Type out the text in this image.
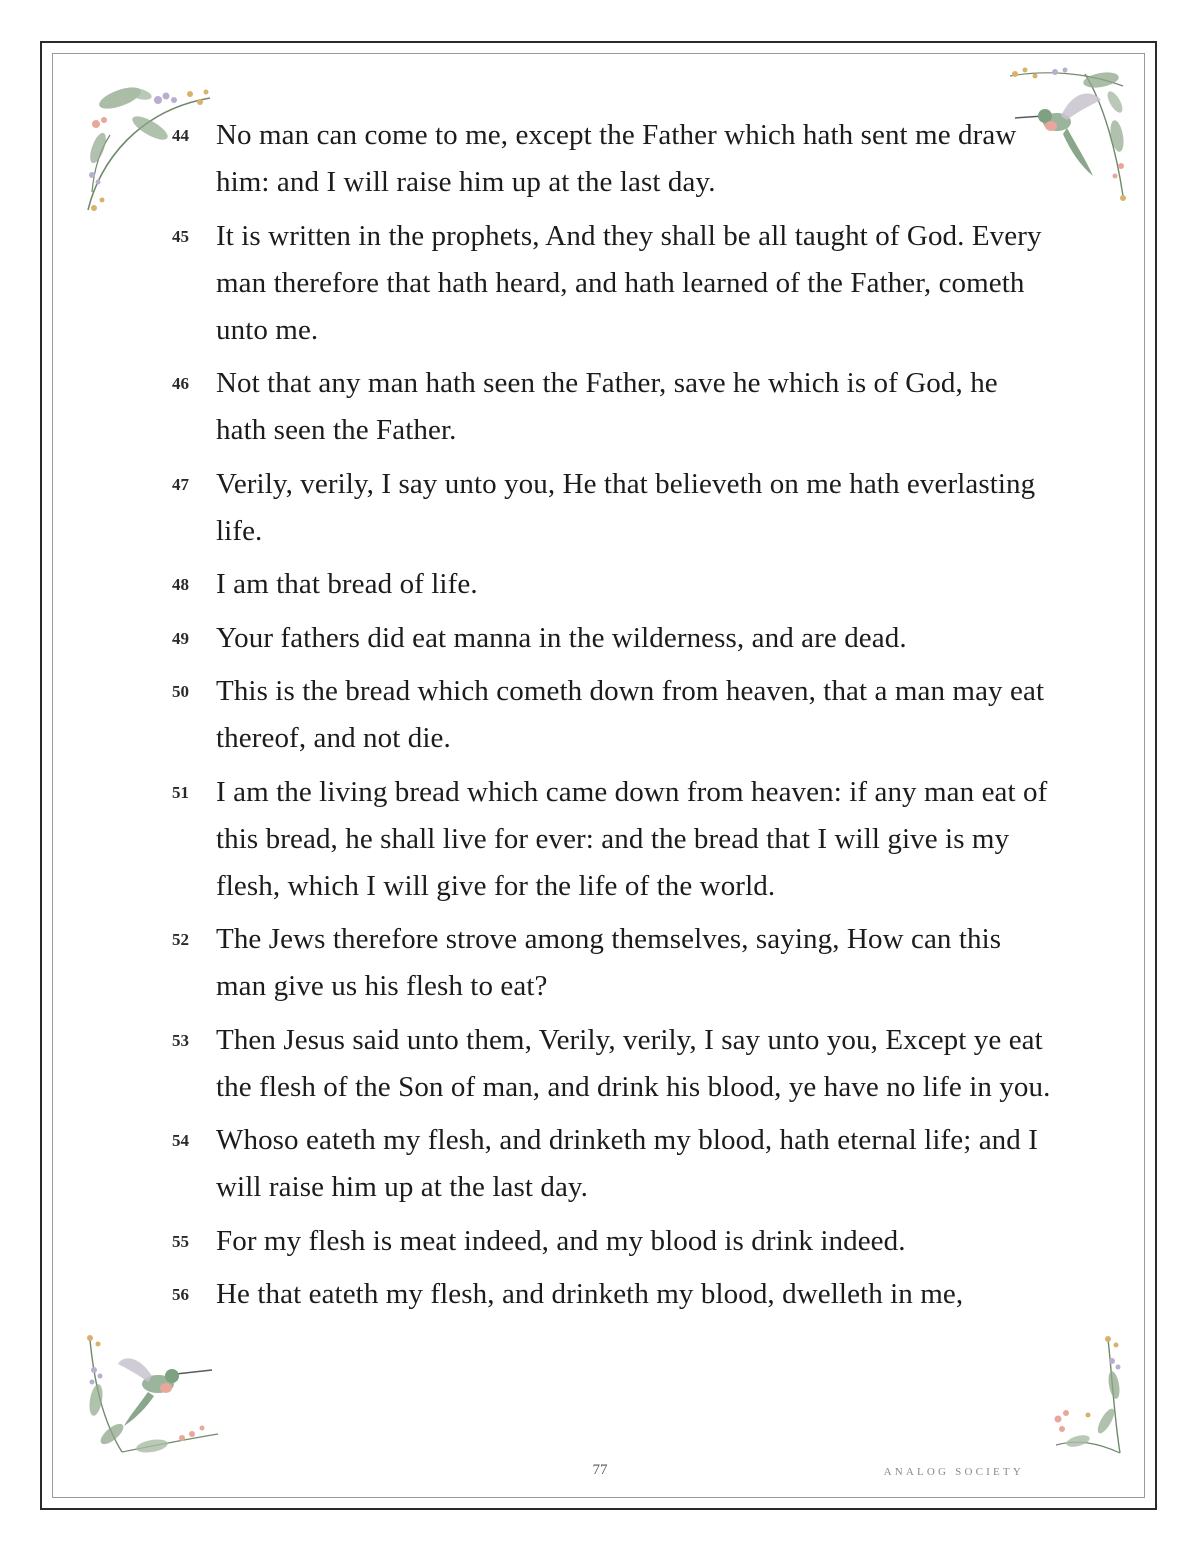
44 No man can come to me, except the Father which hath sent me draw him: and I will raise him up at the last day.
45 It is written in the prophets, And they shall be all taught of God. Every man therefore that hath heard, and hath learned of the Father, cometh unto me.
46 Not that any man hath seen the Father, save he which is of God, he hath seen the Father.
47 Verily, verily, I say unto you, He that believeth on me hath everlasting life.
48 I am that bread of life.
49 Your fathers did eat manna in the wilderness, and are dead.
50 This is the bread which cometh down from heaven, that a man may eat thereof, and not die.
51 I am the living bread which came down from heaven: if any man eat of this bread, he shall live for ever: and the bread that I will give is my flesh, which I will give for the life of the world.
52 The Jews therefore strove among themselves, saying, How can this man give us his flesh to eat?
53 Then Jesus said unto them, Verily, verily, I say unto you, Except ye eat the flesh of the Son of man, and drink his blood, ye have no life in you.
54 Whoso eateth my flesh, and drinketh my blood, hath eternal life; and I will raise him up at the last day.
55 For my flesh is meat indeed, and my blood is drink indeed.
56 He that eateth my flesh, and drinketh my blood, dwelleth in me,
77	ANALOG SOCIETY
